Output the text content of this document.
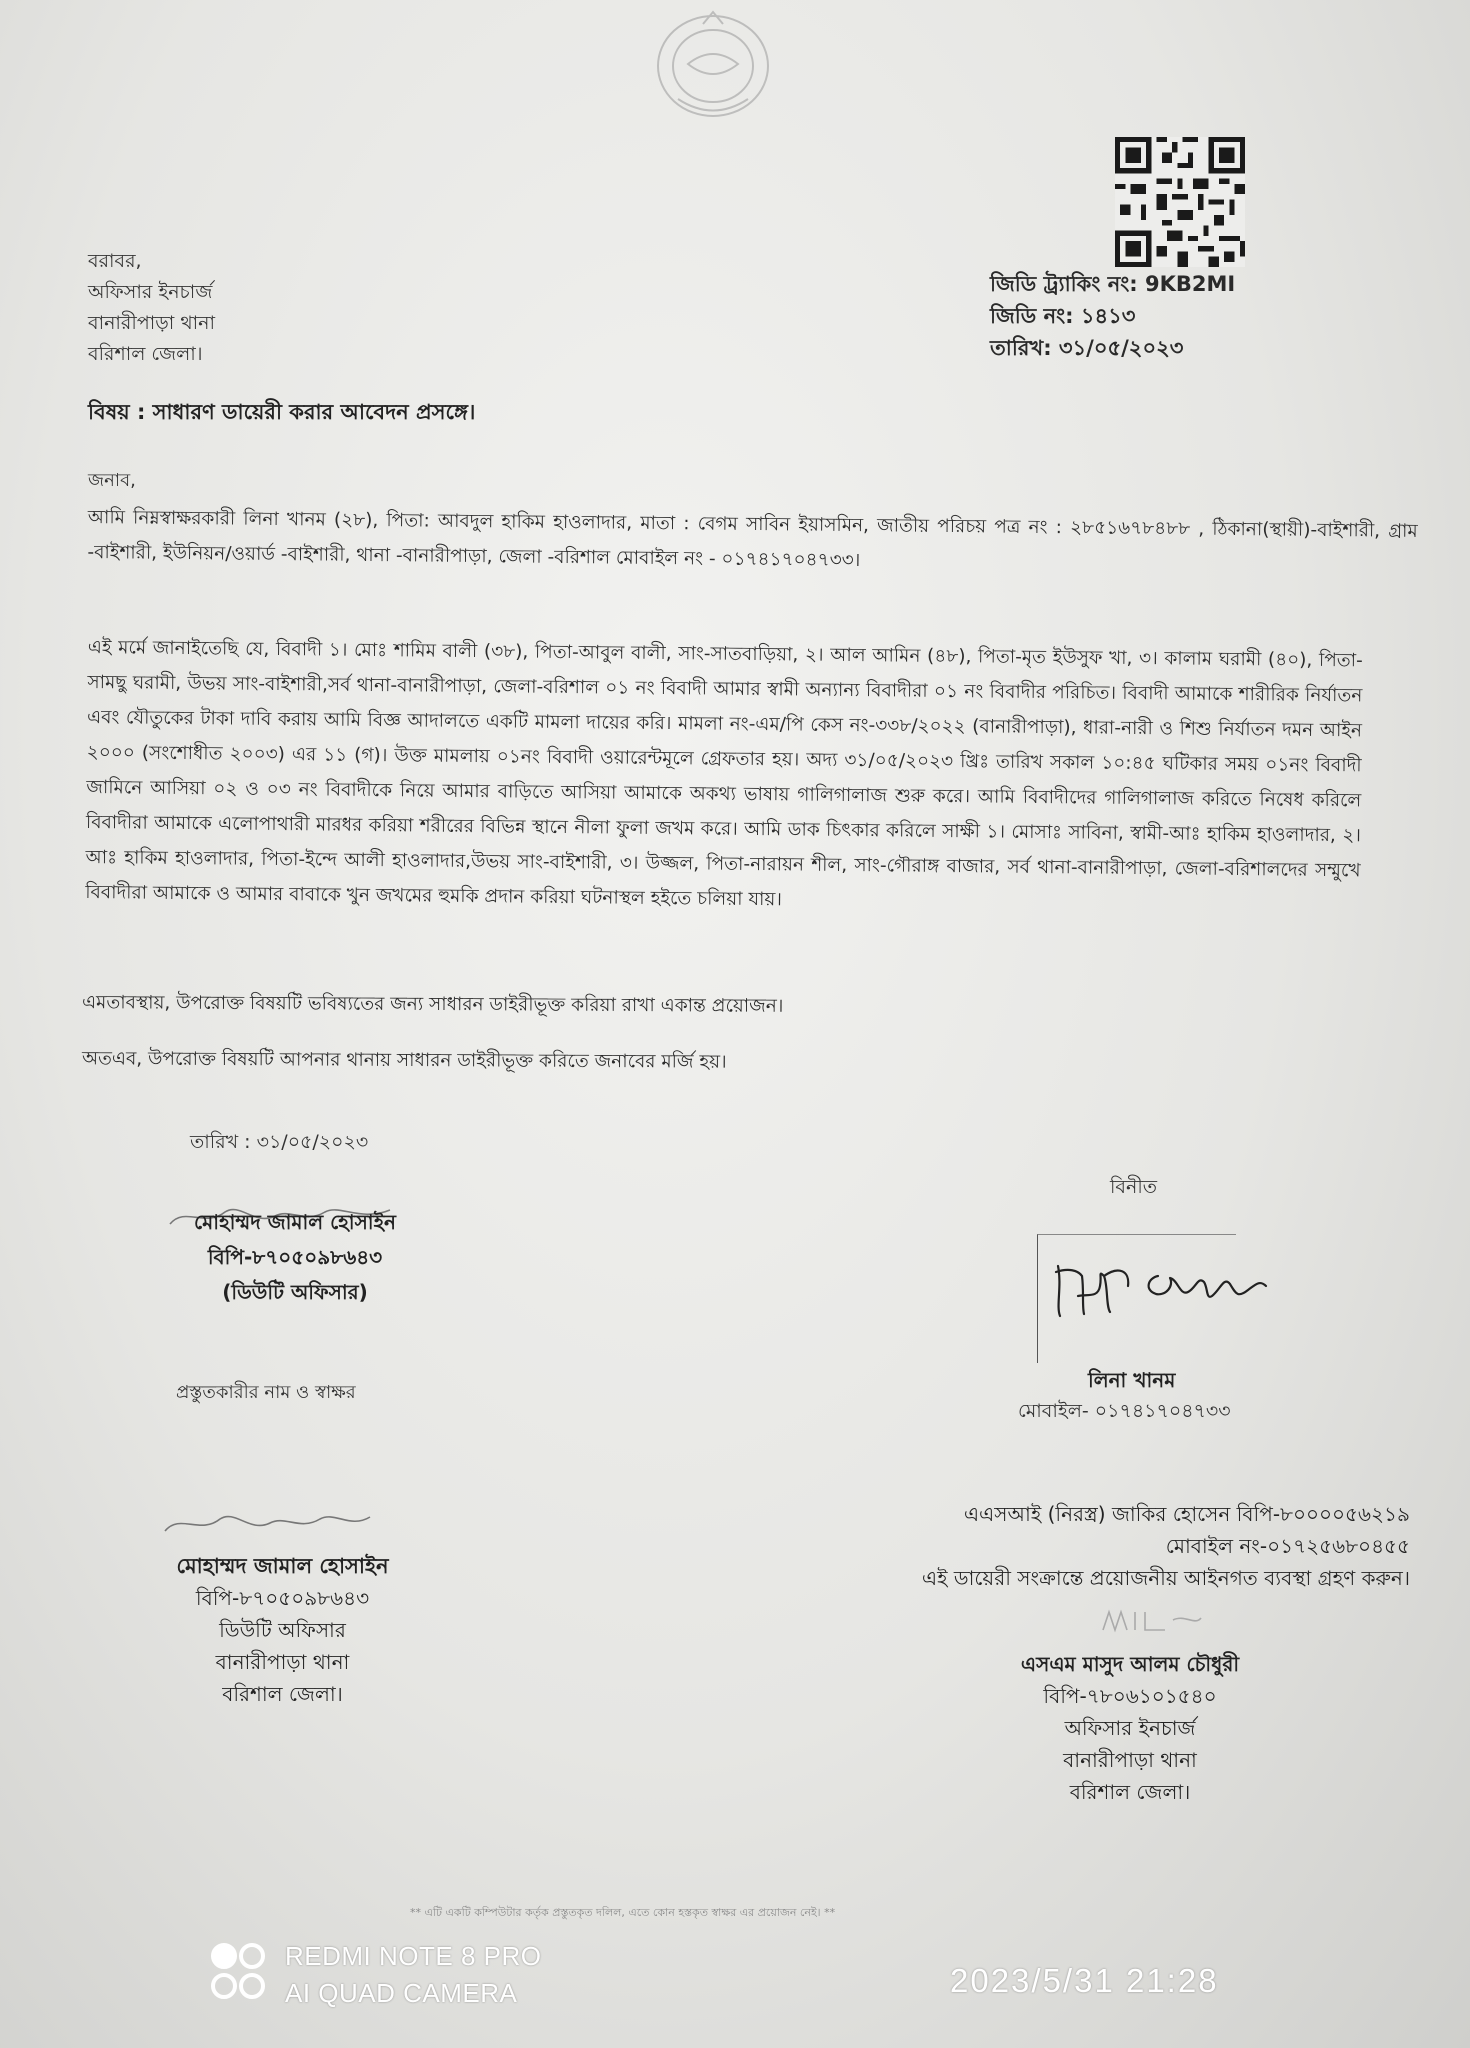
বরাবর,
অফিসার ইনচার্জ
বানারীপাড়া থানা
বরিশাল জেলা।
জিডি ট্র্যাকিং নং: 9KB2MI
জিডি নং: ১৪১৩
তারিখ: ৩১/০৫/২০২৩
বিষয় : সাধারণ ডায়েরী করার আবেদন প্রসঙ্গে।
জনাব,
আমি নিম্নস্বাক্ষরকারী লিনা খানম (২৮), পিতা: আবদুল হাকিম হাওলাদার, মাতা : বেগম সাবিন ইয়াসমিন, জাতীয় পরিচয় পত্র নং : ২৮৫১৬৭৮৪৮৮ , ঠিকানা(স্থায়ী)-বাইশারী, গ্রাম -বাইশারী, ইউনিয়ন/ওয়ার্ড -বাইশারী, থানা -বানারীপাড়া, জেলা -বরিশাল মোবাইল নং - ০১৭৪১৭০৪৭৩৩।
এই মর্মে জানাইতেছি যে, বিবাদী ১। মোঃ শামিম বালী (৩৮), পিতা-আবুল বালী, সাং-সাতবাড়িয়া, ২। আল আমিন (৪৮), পিতা-মৃত ইউসুফ খা, ৩। কালাম ঘরামী (৪০), পিতা-সামছু ঘরামী, উভয় সাং-বাইশারী,সর্ব থানা-বানারীপাড়া, জেলা-বরিশাল ০১ নং বিবাদী আমার স্বামী অন্যান্য বিবাদীরা ০১ নং বিবাদীর পরিচিত। বিবাদী আমাকে শারীরিক নির্যাতন এবং যৌতুকের টাকা দাবি করায় আমি বিজ্ঞ আদালতে একটি মামলা দায়ের করি। মামলা নং-এম/পি কেস নং-৩৩৮/২০২২ (বানারীপাড়া), ধারা-নারী ও শিশু নির্যাতন দমন আইন ২০০০ (সংশোধীত ২০০৩) এর ১১ (গ)। উক্ত মামলায় ০১নং বিবাদী ওয়ারেন্টমূলে গ্রেফতার হয়। অদ্য ৩১/০৫/২০২৩ খ্রিঃ তারিখ সকাল ১০:৪৫ ঘটিকার সময় ০১নং বিবাদী জামিনে আসিয়া ০২ ও ০৩ নং বিবাদীকে নিয়ে আমার বাড়িতে আসিয়া আমাকে অকথ্য ভাষায় গালিগালাজ শুরু করে। আমি বিবাদীদের গালিগালাজ করিতে নিষেধ করিলে বিবাদীরা আমাকে এলোপাথারী মারধর করিয়া শরীরের বিভিন্ন স্থানে নীলা ফুলা জখম করে। আমি ডাক চিৎকার করিলে সাক্ষী ১। মোসাঃ সাবিনা, স্বামী-আঃ হাকিম হাওলাদার, ২। আঃ হাকিম হাওলাদার, পিতা-ইন্দে আলী হাওলাদার,উভয় সাং-বাইশারী, ৩। উজ্জল, পিতা-নারায়ন শীল, সাং-গৌরাঙ্গ বাজার, সর্ব থানা-বানারীপাড়া, জেলা-বরিশালদের সম্মুখে বিবাদীরা আমাকে ও আমার বাবাকে খুন জখমের হুমকি প্রদান করিয়া ঘটনাস্থল হইতে চলিয়া যায়।
এমতাবস্থায়, উপরোক্ত বিষয়টি ভবিষ্যতের জন্য সাধারন ডাইরীভূক্ত করিয়া রাখা একান্ত প্রয়োজন।
অতএব, উপরোক্ত বিষয়টি আপনার থানায় সাধারন ডাইরীভূক্ত করিতে জনাবের মর্জি হয়।
তারিখ : ৩১/০৫/২০২৩
বিনীত
লিনা খানম
মোবাইল- ০১৭৪১৭০৪৭৩৩
মোহাম্মদ জামাল হোসাইন
বিপি-৮৭০৫০৯৮৬৪৩
(ডিউটি অফিসার)
প্রস্তুতকারীর নাম ও স্বাক্ষর
মোহাম্মদ জামাল হোসাইন
বিপি-৮৭০৫০৯৮৬৪৩
ডিউটি অফিসার
বানারীপাড়া থানা
বরিশাল জেলা।
এএসআই (নিরস্ত্র) জাকির হোসেন বিপি-৮০০০০৫৬২১৯
মোবাইল নং-০১৭২৫৬৮০৪৫৫
এই ডায়েরী সংক্রান্তে প্রয়োজনীয় আইনগত ব্যবস্থা গ্রহণ করুন।
এসএম মাসুদ আলম চৌধুরী
বিপি-৭৮০৬১০১৫৪০
অফিসার ইনচার্জ
বানারীপাড়া থানা
বরিশাল জেলা।
** এটি একটি কম্পিউটার কর্তৃক প্রস্তুতকৃত দলিল, এতে কোন হস্তকৃত স্বাক্ষর এর প্রয়োজন নেই। **
REDMI NOTE 8 PRO
AI QUAD CAMERA	2023/5/31 21:28
